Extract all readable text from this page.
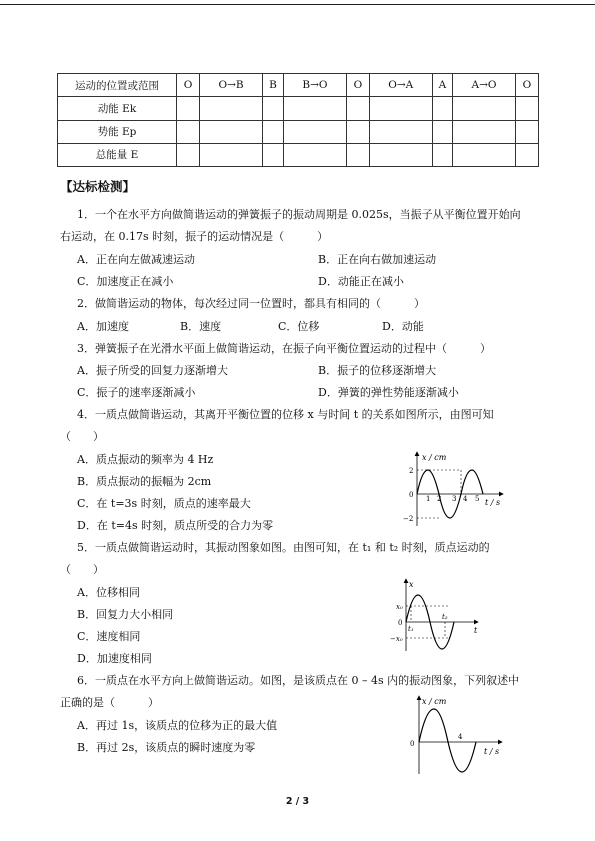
运动的位置或范围	O	O→B	B	B→O	O	O→A	A	A→O	O
动能 Ek									
势能 Ep									
总能量 E									
【达标检测】
1．一个在水平方向做简谐运动的弹簧振子的振动周期是 0.025s，当振子从平衡位置开始向
右运动，在 0.17s 时刻，振子的运动情况是（　　　）
A．正在向左做减速运动	B．正在向右做加速运动
C．加速度正在减小	D．动能正在减小
2．做简谐运动的物体，每次经过同一位置时，都具有相同的（　　　）
A．加速度	B．速度	C．位移	D．动能
3．弹簧振子在光滑水平面上做简谐运动，在振子向平衡位置运动的过程中（　　　）
A．振子所受的回复力逐渐增大	B．振子的位移逐渐增大
C．振子的速率逐渐减小	D．弹簧的弹性势能逐渐减小
4．一质点做简谐运动，其离开平衡位置的位移 x 与时间 t 的关系如图所示，由图可知
（　　）
A．质点振动的频率为 4 Hz
B．质点振动的振幅为 2cm
C．在 t=3s 时刻，质点的速率最大
D．在 t=4s 时刻，质点所受的合力为零
x / cm
t / s
2
−2
0 1 2 3 4 5
5．一质点做简谐运动时，其振动图象如图。由图可知，在 t₁ 和 t₂ 时刻，质点运动的
（　　）
A．位移相同
B．回复力大小相同
C．速度相同
D．加速度相同
x
t
x₀
−x₀
0
t₁
t₂
6．一质点在水平方向上做简谐运动。如图，是该质点在 0 – 4s 内的振动图象，下列叙述中
正确的是（　　　）
A．再过 1s，该质点的位移为正的最大值
B．再过 2s，该质点的瞬时速度为零
x / cm
t / s
0
4
2 / 3
